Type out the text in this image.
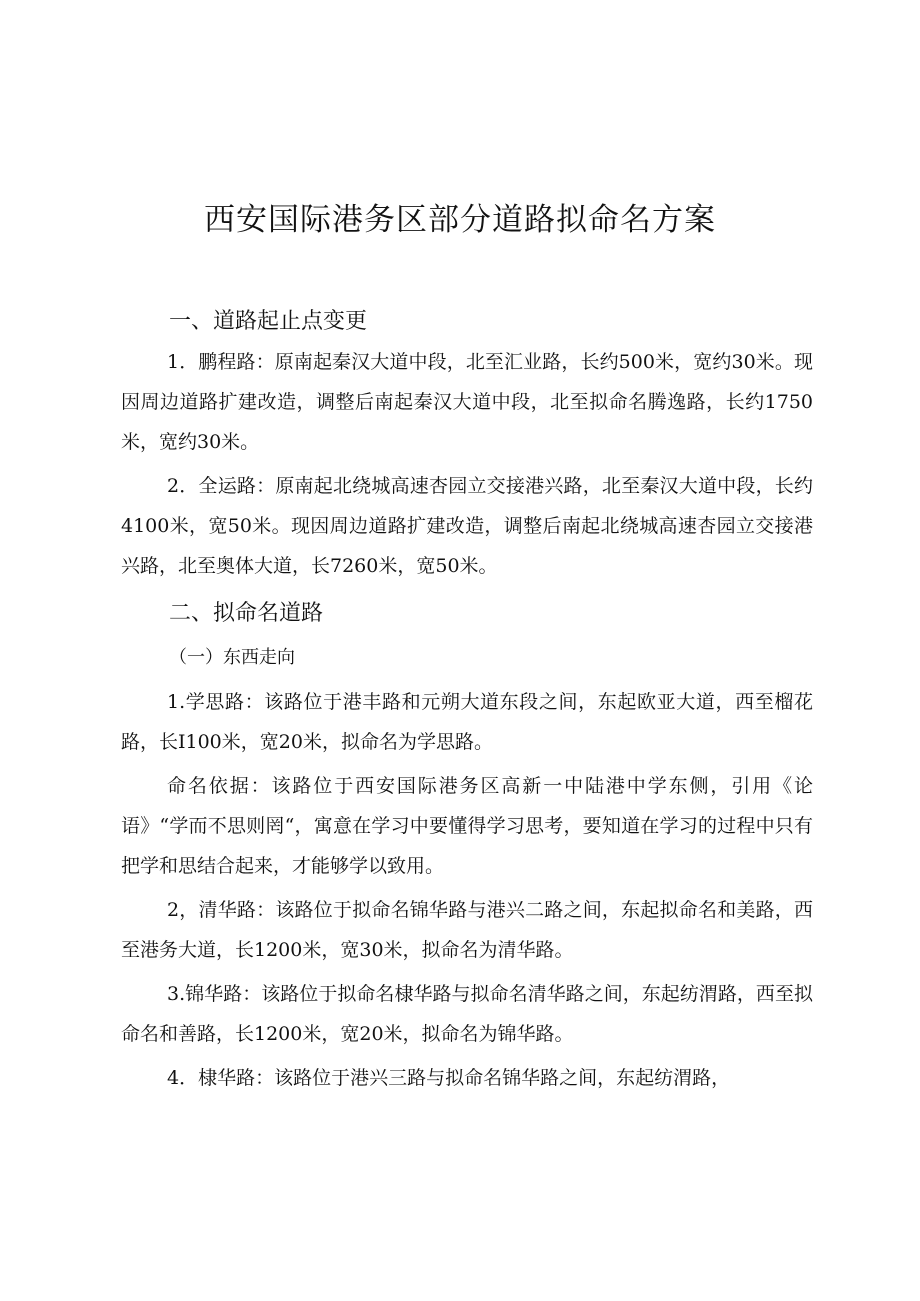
西安国际港务区部分道路拟命名方案
一、道路起止点变更

1．鹏程路：原南起秦汉大道中段，北至汇业路，长约500米，宽约30米。现因周边道路扩建改造，调整后南起秦汉大道中段，北至拟命名腾逸路，长约1750米，宽约30米。

2．全运路：原南起北绕城高速杏园立交接港兴路，北至秦汉大道中段，长约4100米，宽50米。现因周边道路扩建改造，调整后南起北绕城高速杏园立交接港兴路，北至奥体大道，长7260米，宽50米。

二、拟命名道路

（一）东西走向

1.学思路：该路位于港丰路和元朔大道东段之间，东起欧亚大道，西至榴花路，长I100米，宽20米，拟命名为学思路。

命名依据：该路位于西安国际港务区高新一中陆港中学东侧，引用《论语》“学而不思则罔“，寓意在学习中要懂得学习思考，要知道在学习的过程中只有把学和思结合起来，才能够学以致用。

2，清华路：该路位于拟命名锦华路与港兴二路之间，东起拟命名和美路，西至港务大道，长1200米，宽30米，拟命名为清华路。

3.锦华路：该路位于拟命名棣华路与拟命名清华路之间，东起纺渭路，西至拟命名和善路，长1200米，宽20米，拟命名为锦华路。

4．棣华路：该路位于港兴三路与拟命名锦华路之间，东起纺渭路，
